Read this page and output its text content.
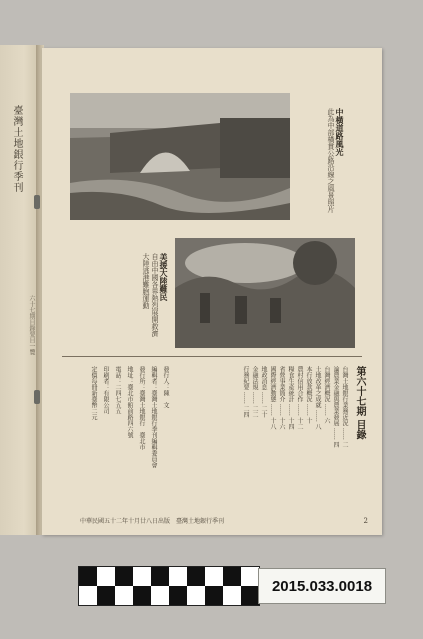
臺灣土地銀行季刊
六十七期目錄要目一覽
中橫道路風光
此為中部橫貫公路沿線之風景照片
美援大陸難民
自由中國各界熱烈展開救濟大陸逃港難胞運動
第六十七期 目錄
台灣土地銀行業務近況 …… 二
論農業金融與農業發展 …… 四
台灣經濟概況 …… 六
土地改革之成就 …… 八
本行放款概況 …… 十
農村信用合作 …… 十二
糧食生產統計 …… 十四
省營事業簡介 …… 十六
國際經濟動態 …… 十八
地政消息 …… 二十
金融法規 …… 二二
行務紀要 …… 二四
發行人：陳　文
編輯者：臺灣土地銀行季刊編輯委員會
發行所：臺灣土地銀行　臺北市
地址：臺北市館前路四六號
電話：二四七五五
印刷者：有限公司
定價每冊新臺幣二元
中華民國五十二年十月廿八日出版　臺灣土地銀行季刊	2
2015.033.0018
